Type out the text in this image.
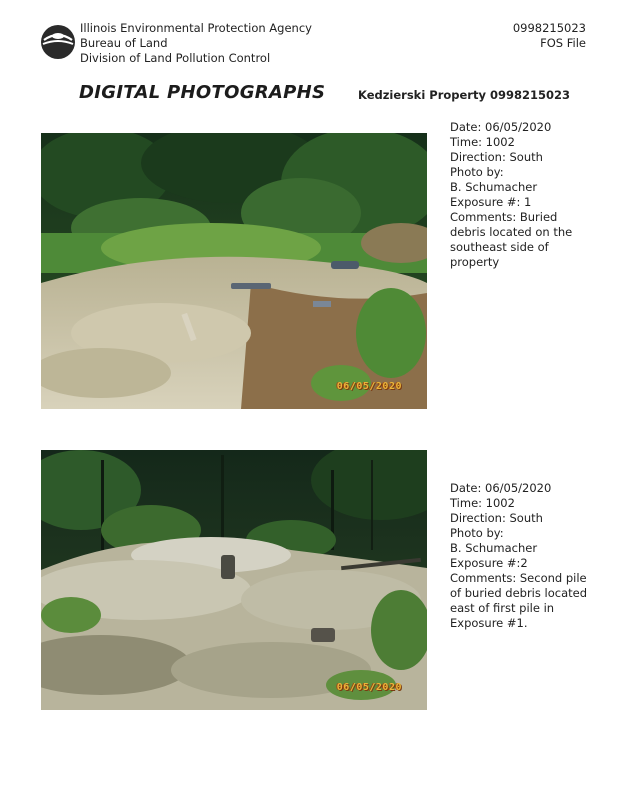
Illinois Environmental Protection Agency
Bureau of Land
Division of Land Pollution Control
0998215023
FOS File
DIGITAL PHOTOGRAPHS	Kedzierski Property 0998215023
06/05/2020
Date: 06/05/2020
Time: 1002
Direction: South
Photo by:
B. Schumacher
Exposure #: 1
Comments: Buried debris located on the southeast side of property
06/05/2020
Date: 06/05/2020
Time: 1002
Direction: South
Photo by:
B. Schumacher
Exposure #:2
Comments: Second pile of buried debris located east of first pile in Exposure #1.
